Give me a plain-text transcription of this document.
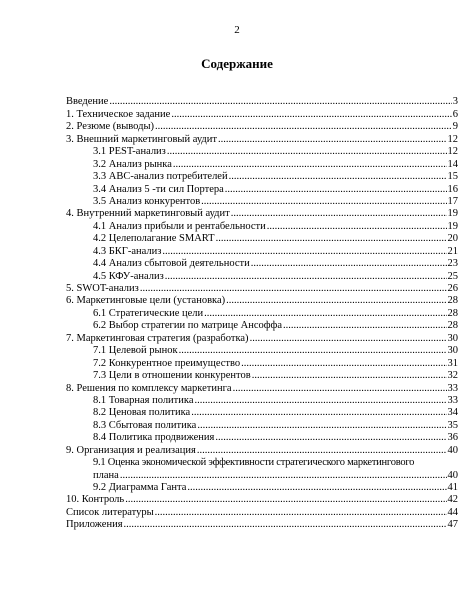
2
Содержание
Введение .....	3
1. Техническое задание .....	6
2. Резюме (выводы) .....	9
3. Внешний маркетинговый аудит .....	12
3.1 PEST-анализ .....	12
3.2 Анализ рынка .....	14
3.3 АВС-анализ потребителей .....	15
3.4 Анализ 5 -ти сил Портера .....	16
3.5 Анализ конкурентов .....	17
4. Внутренний маркетинговый аудит .....	19
4.1 Анализ прибыли и рентабельности .....	19
4.2 Целеполагание SMART .....	20
4.3 БКГ-анализ .....	21
4.4 Анализ сбытовой деятельности .....	23
4.5 КФУ-анализ .....	25
5. SWOT-анализ .....	26
6. Маркетинговые цели (установка) .....	28
6.1 Стратегические цели .....	28
6.2 Выбор стратегии по матрице Ансоффа .....	28
7. Маркетинговая стратегия (разработка) .....	30
7.1 Целевой рынок .....	30
7.2 Конкурентное преимущество .....	31
7.3 Цели в отношении конкурентов .....	32
8. Решения по комплексу маркетинга .....	33
8.1 Товарная политика .....	33
8.2 Ценовая политика .....	34
8.3 Сбытовая политика .....	35
8.4 Политика продвижения .....	36
9. Организация и реализация .....	40
9.1 Оценка экономической эффективности стратегического маркетингового
плана .....	40
9.2 Диаграмма Ганта .....	41
10. Контроль .....	42
Список литературы .....	44
Приложения .....	47
